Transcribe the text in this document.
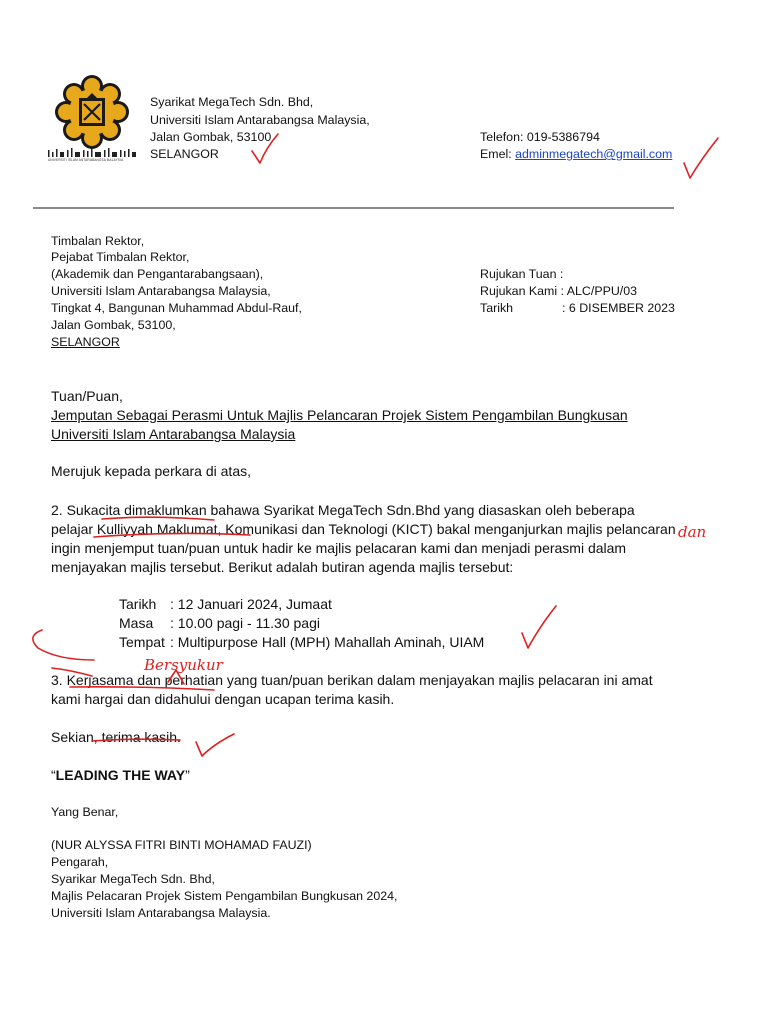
UNIVERSITI ISLAM ANTARABANGSA MALAYSIA
Syarikat MegaTech Sdn. Bhd,
Universiti Islam Antarabangsa Malaysia,
Jalan Gombak, 53100
SELANGOR
Telefon: 019-5386794
Emel: adminmegatech@gmail.com
Timbalan Rektor,
Pejabat Timbalan Rektor,
(Akademik dan Pengantarabangsaan),
Universiti Islam Antarabangsa Malaysia,
Tingkat 4, Bangunan Muhammad Abdul-Rauf,
Jalan Gombak, 53100,
SELANGOR
Rujukan Tuan :
Rujukan Kami : ALC/PPU/03
Tarikh	: 6 DISEMBER 2023
Tuan/Puan,
Jemputan Sebagai Perasmi Untuk Majlis Pelancaran Projek Sistem Pengambilan Bungkusan
Universiti Islam Antarabangsa Malaysia
Merujuk kepada perkara di atas,
2. Sukacita dimaklumkan bahawa Syarikat MegaTech Sdn.Bhd yang diasaskan oleh beberapa
pelajar Kulliyyah Maklumat, Komunikasi dan Teknologi (KICT) bakal menganjurkan majlis pelancaran
ingin menjemput tuan/puan untuk hadir ke majlis pelacaran kami dan menjadi perasmi dalam
menjayakan majlis tersebut. Berikut adalah butiran agenda majlis tersebut:
Tarikh : 12 Januari 2024, Jumaat
Masa : 10.00 pagi - 11.30 pagi
Tempat : Multipurpose Hall (MPH) Mahallah Aminah, UIAM
3. Kerjasama dan perhatian yang tuan/puan berikan dalam menjayakan majlis pelacaran ini amat
kami hargai dan didahului dengan ucapan terima kasih.
Sekian, terima kasih.
“LEADING THE WAY”
Yang Benar,
(NUR ALYSSA FITRI BINTI MOHAMAD FAUZI)
Pengarah,
Syarikar MegaTech Sdn. Bhd,
Majlis Pelacaran Projek Sistem Pengambilan Bungkusan 2024,
Universiti Islam Antarabangsa Malaysia.
Bersyukur
dan
